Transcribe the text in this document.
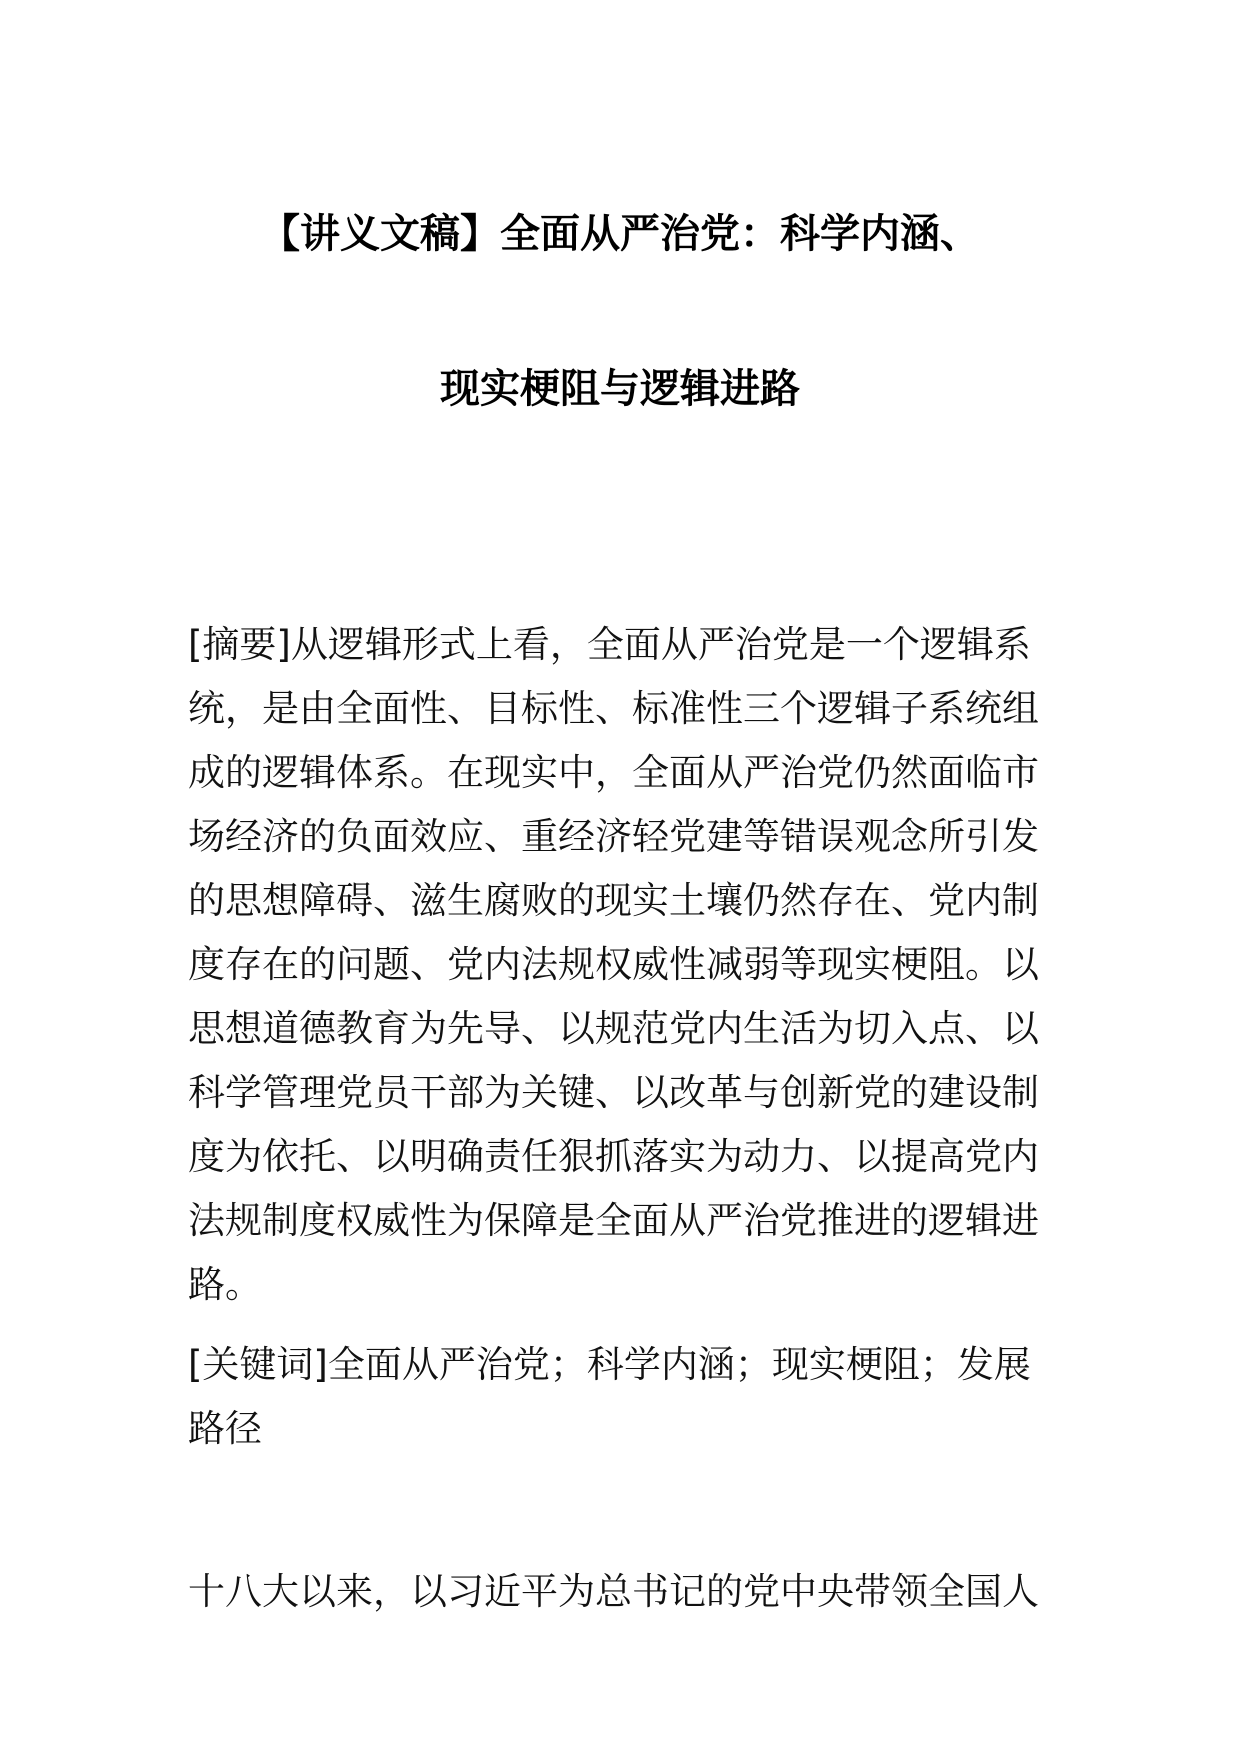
【讲义文稿】全面从严治党：科学内涵、
现实梗阻与逻辑进路
[摘要]从逻辑形式上看，全面从严治党是一个逻辑系
统，是由全面性、目标性、标准性三个逻辑子系统组
成的逻辑体系。在现实中，全面从严治党仍然面临市
场经济的负面效应、重经济轻党建等错误观念所引发
的思想障碍、滋生腐败的现实土壤仍然存在、党内制
度存在的问题、党内法规权威性减弱等现实梗阻。以
思想道德教育为先导、以规范党内生活为切入点、以
科学管理党员干部为关键、以改革与创新党的建设制
度为依托、以明确责任狠抓落实为动力、以提高党内
法规制度权威性为保障是全面从严治党推进的逻辑进
路。
[关键词]全面从严治党；科学内涵；现实梗阻；发展
路径
十八大以来，以习近平为总书记的党中央带领全国人
